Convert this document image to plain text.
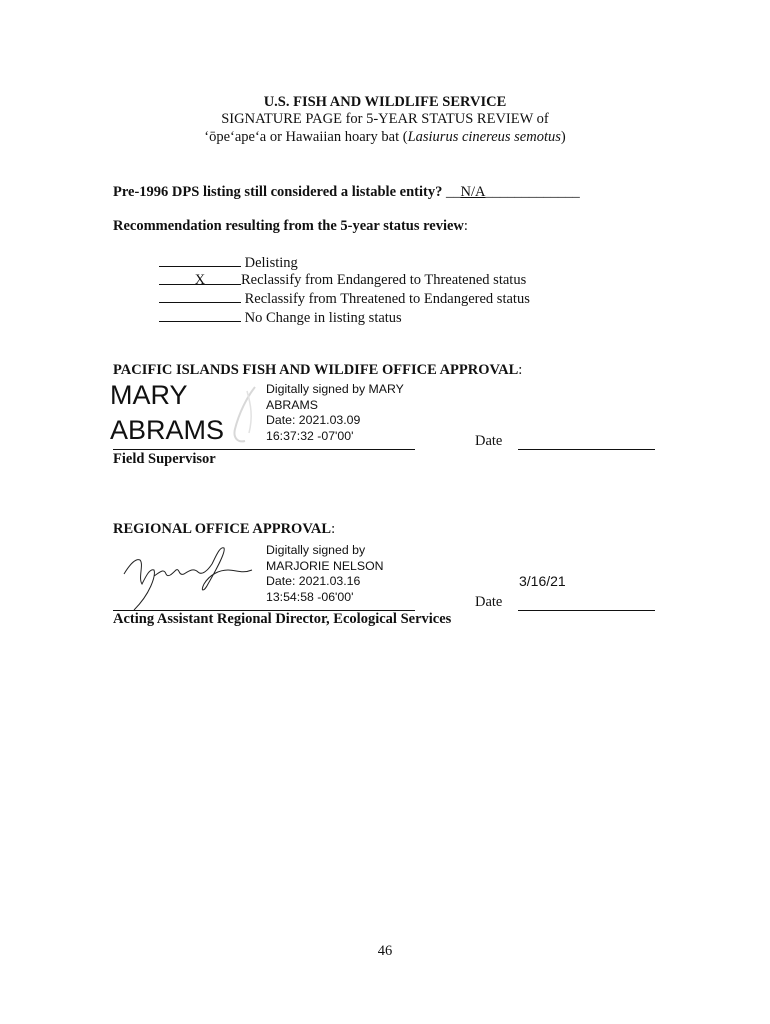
U.S. FISH AND WILDLIFE SERVICE
SIGNATURE PAGE for 5-YEAR STATUS REVIEW of
‘ōpeʻapeʻa or Hawaiian hoary bat (Lasiurus cinereus semotus)
Pre-1996 DPS listing still considered a listable entity? __N/A_____________
Recommendation resulting from the 5-year status review:
Delisting
X Reclassify from Endangered to Threatened status
Reclassify from Threatened to Endangered status
No Change in listing status
PACIFIC ISLANDS FISH AND WILDIFE OFFICE APPROVAL:
MARY
ABRAMS
Digitally signed by MARY
ABRAMS
Date: 2021.03.09
16:37:32 -07'00'	Date
Field Supervisor
REGIONAL OFFICE APPROVAL:
Digitally signed by
MARJORIE NELSON
Date: 2021.03.16
13:54:58 -06'00'	Date
3/16/21
Acting Assistant Regional Director, Ecological Services
46
